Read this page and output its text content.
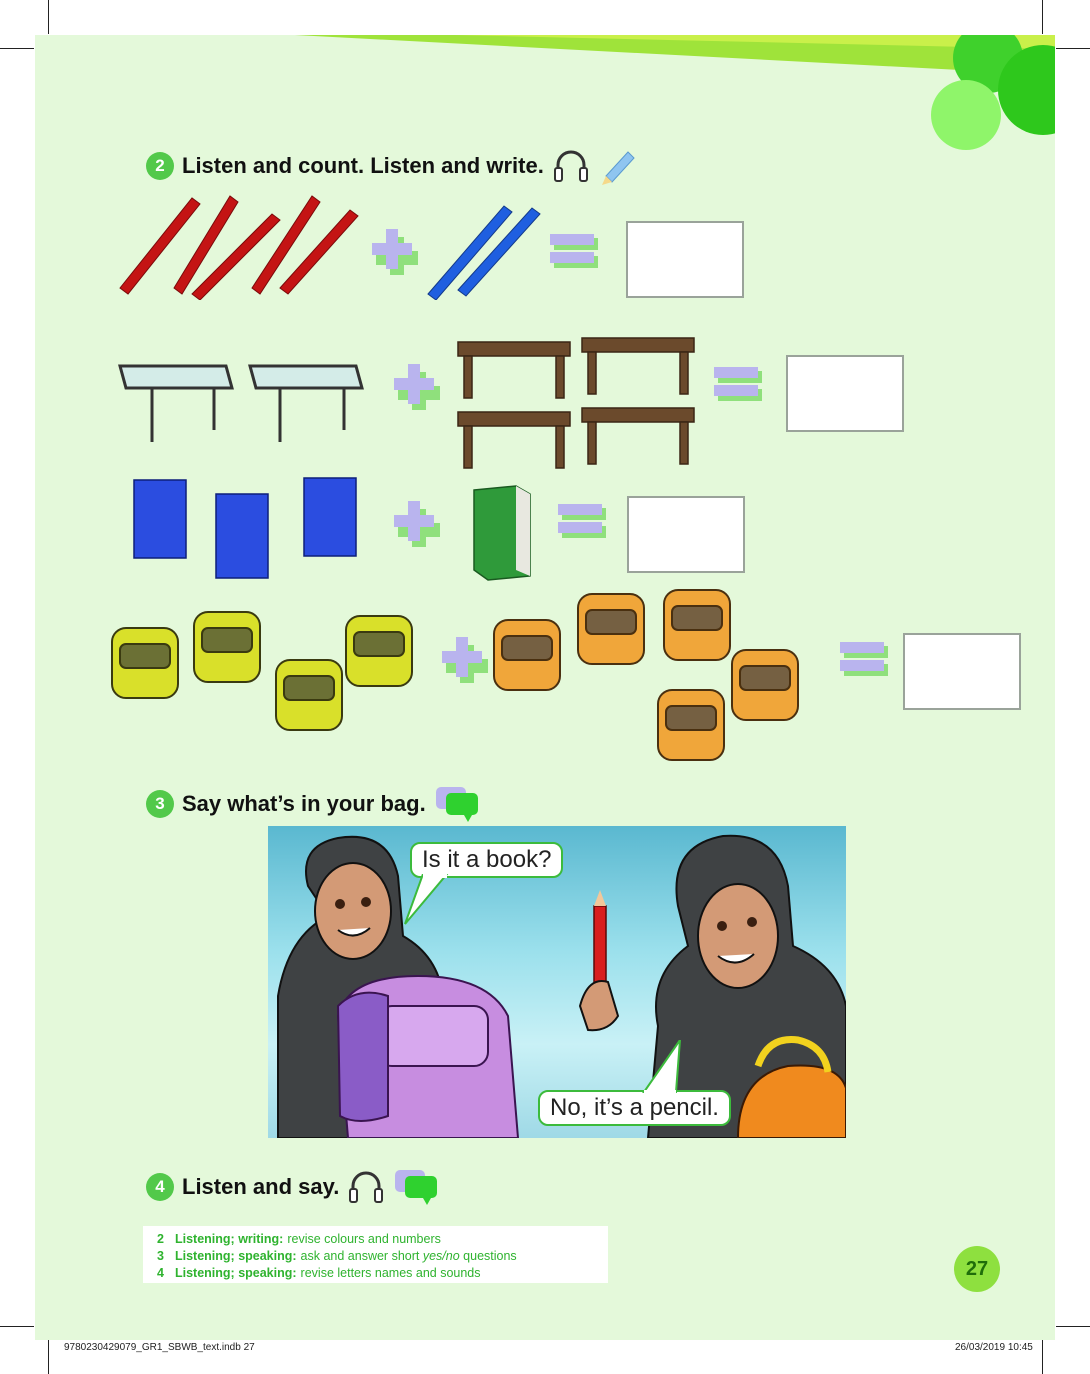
2 Listen and count. Listen and write.
3 Say what’s in your bag.
Is it a book?
No, it’s a pencil.
4 Listen and say.
2 Listening; writing: revise colours and numbers
3 Listening; speaking: ask and answer short yes/no questions
4 Listening; speaking: revise letters names and sounds	27
9780230429079_GR1_SBWB_text.indb 27	26/03/2019 10:45
